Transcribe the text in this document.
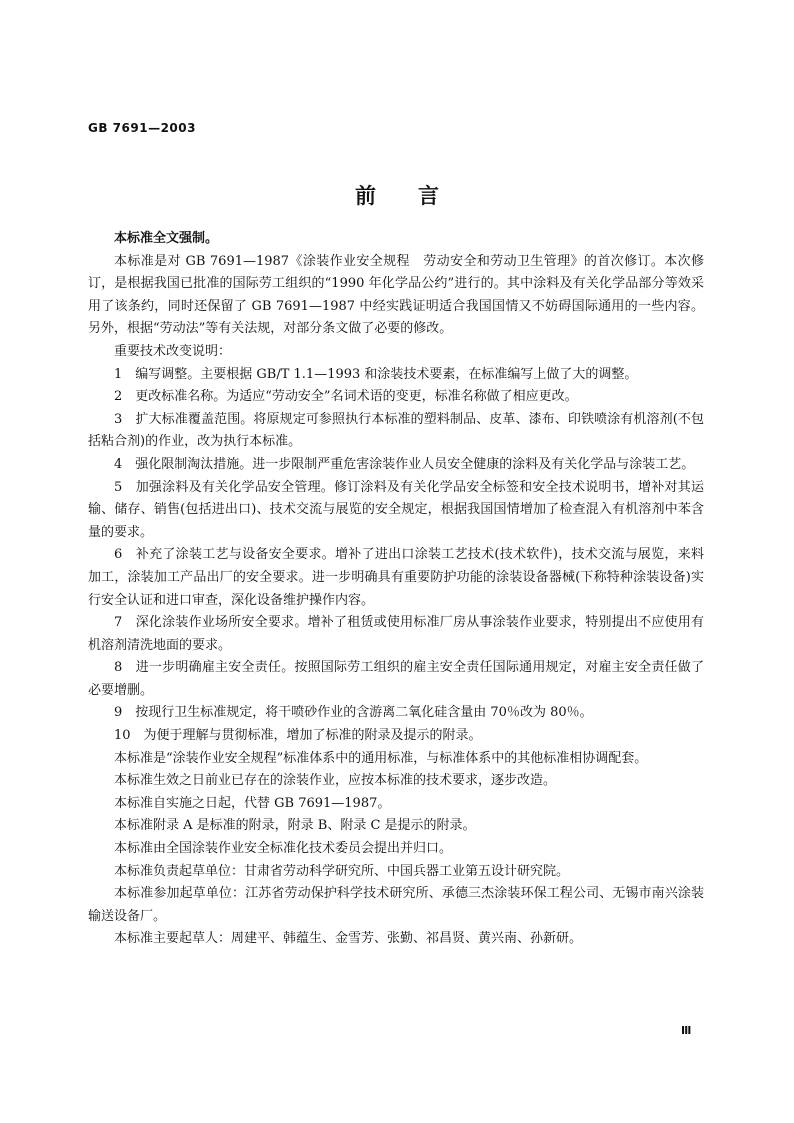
GB 7691—2003
前言

本标准全文强制。

本标准是对 GB 7691—1987《涂装作业安全规程　劳动安全和劳动卫生管理》的首次修订。本次修订，是根据我国已批准的国际劳工组织的“1990 年化学品公约”进行的。其中涂料及有关化学品部分等效采用了该条约，同时还保留了 GB 7691—1987 中经实践证明适合我国国情又不妨碍国际通用的一些内容。另外，根据“劳动法”等有关法规，对部分条文做了必要的修改。

重要技术改变说明：

1　编写调整。主要根据 GB/T 1.1—1993 和涂装技术要素，在标准编写上做了大的调整。

2　更改标准名称。为适应“劳动安全”名词术语的变更，标准名称做了相应更改。

3　扩大标准覆盖范围。将原规定可参照执行本标准的塑料制品、皮革、漆布、印铁喷涂有机溶剂(不包括粘合剂)的作业，改为执行本标准。

4　强化限制淘汰措施。进一步限制严重危害涂装作业人员安全健康的涂料及有关化学品与涂装工艺。

5　加强涂料及有关化学品安全管理。修订涂料及有关化学品安全标签和安全技术说明书，增补对其运输、储存、销售(包括进出口)、技术交流与展览的安全规定，根据我国国情增加了检查混入有机溶剂中苯含量的要求。

6　补充了涂装工艺与设备安全要求。增补了进出口涂装工艺技术(技术软件)，技术交流与展览，来料加工，涂装加工产品出厂的安全要求。进一步明确具有重要防护功能的涂装设备器械(下称特种涂装设备)实行安全认证和进口审查，深化设备维护操作内容。

7　深化涂装作业场所安全要求。增补了租赁或使用标准厂房从事涂装作业要求，特别提出不应使用有机溶剂清洗地面的要求。

8　进一步明确雇主安全责任。按照国际劳工组织的雇主安全责任国际通用规定，对雇主安全责任做了必要增删。

9　按现行卫生标准规定，将干喷砂作业的含游离二氧化硅含量由 70％改为 80％。

10　为便于理解与贯彻标准，增加了标准的附录及提示的附录。

本标准是“涂装作业安全规程”标准体系中的通用标准，与标准体系中的其他标准相协调配套。

本标准生效之日前业已存在的涂装作业，应按本标准的技术要求，逐步改造。

本标准自实施之日起，代替 GB 7691—1987。

本标准附录 A 是标准的附录，附录 B、附录 C 是提示的附录。

本标准由全国涂装作业安全标准化技术委员会提出并归口。

本标准负责起草单位：甘肃省劳动科学研究所、中国兵器工业第五设计研究院。

本标准参加起草单位：江苏省劳动保护科学技术研究所、承德三杰涂装环保工程公司、无锡市南兴涂装输送设备厂。

本标准主要起草人：周建平、韩蕴生、金雪芳、张勤、祁昌贤、黄兴南、孙新研。

Ⅲ
